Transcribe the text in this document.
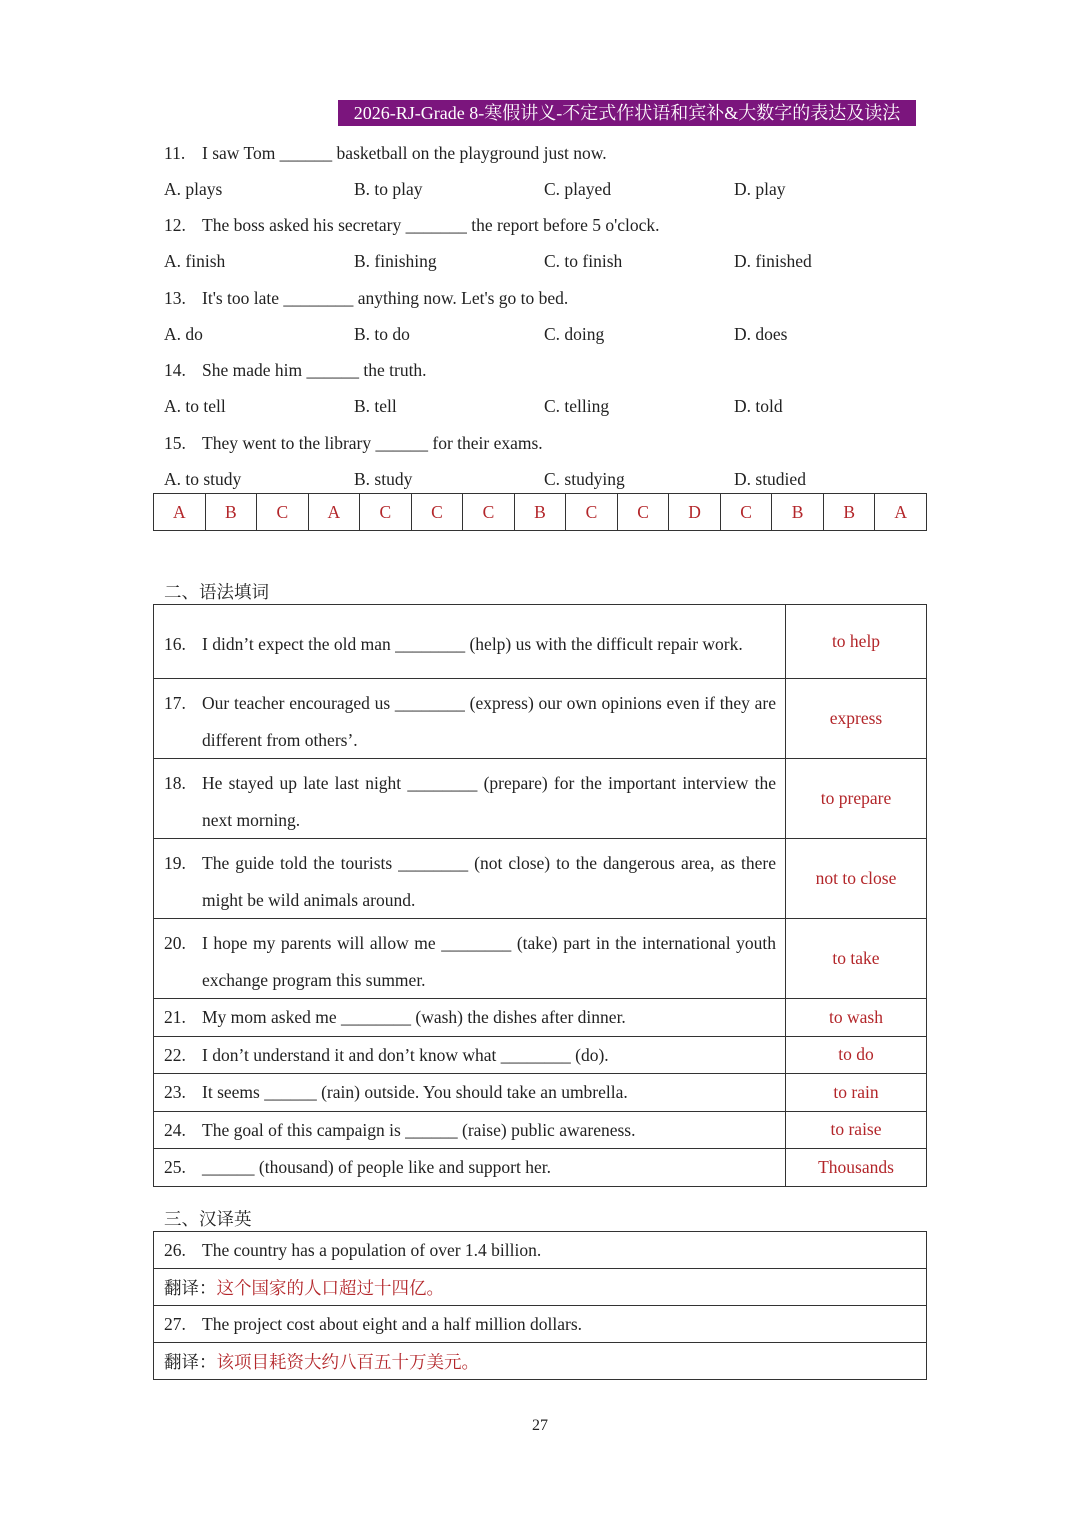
2026-RJ-Grade 8-寒假讲义-不定式作状语和宾补&大数字的表达及读法
11. I saw Tom ______ basketball on the playground just now.
A. plays	B. to play	C. played	D. play
12. The boss asked his secretary _______ the report before 5 o'clock.
A. finish	B. finishing	C. to finish	D. finished
13. It's too late ________ anything now. Let's go to bed.
A. do	B. to do	C. doing	D. does
14. She made him ______ the truth.
A. to tell	B. tell	C. telling	D. told
15. They went to the library ______ for their exams.
A. to study	B. study	C. studying	D. studied
A	B	C	A	C	C	C	B	C	C	D	C	B	B	A
二、语法填词
16. I didn’t expect the old man ________ (help) us with the difficult repair work.	to help

17. Our teacher encouraged us ________ (express) our own opinions even if they are different from others’.	express

18. He stayed up late last night ________ (prepare) for the important interview the next morning.	to prepare

19. The guide told the tourists ________ (not close) to the dangerous area, as there might be wild animals around.	not to close

20. I hope my parents will allow me ________ (take) part in the international youth exchange program this summer.	to take

21. My mom asked me ________ (wash) the dishes after dinner.	to wash

22. I don’t understand it and don’t know what ________ (do).	to do

23. It seems ______ (rain) outside. You should take an umbrella.	to rain

24. The goal of this campaign is ______ (raise) public awareness.	to raise

25. ______ (thousand) of people like and support her.	Thousands
三、汉译英
26. The country has a population of over 1.4 billion.
翻译：这个国家的人口超过十四亿。
27. The project cost about eight and a half million dollars.
翻译：该项目耗资大约八百五十万美元。
27
